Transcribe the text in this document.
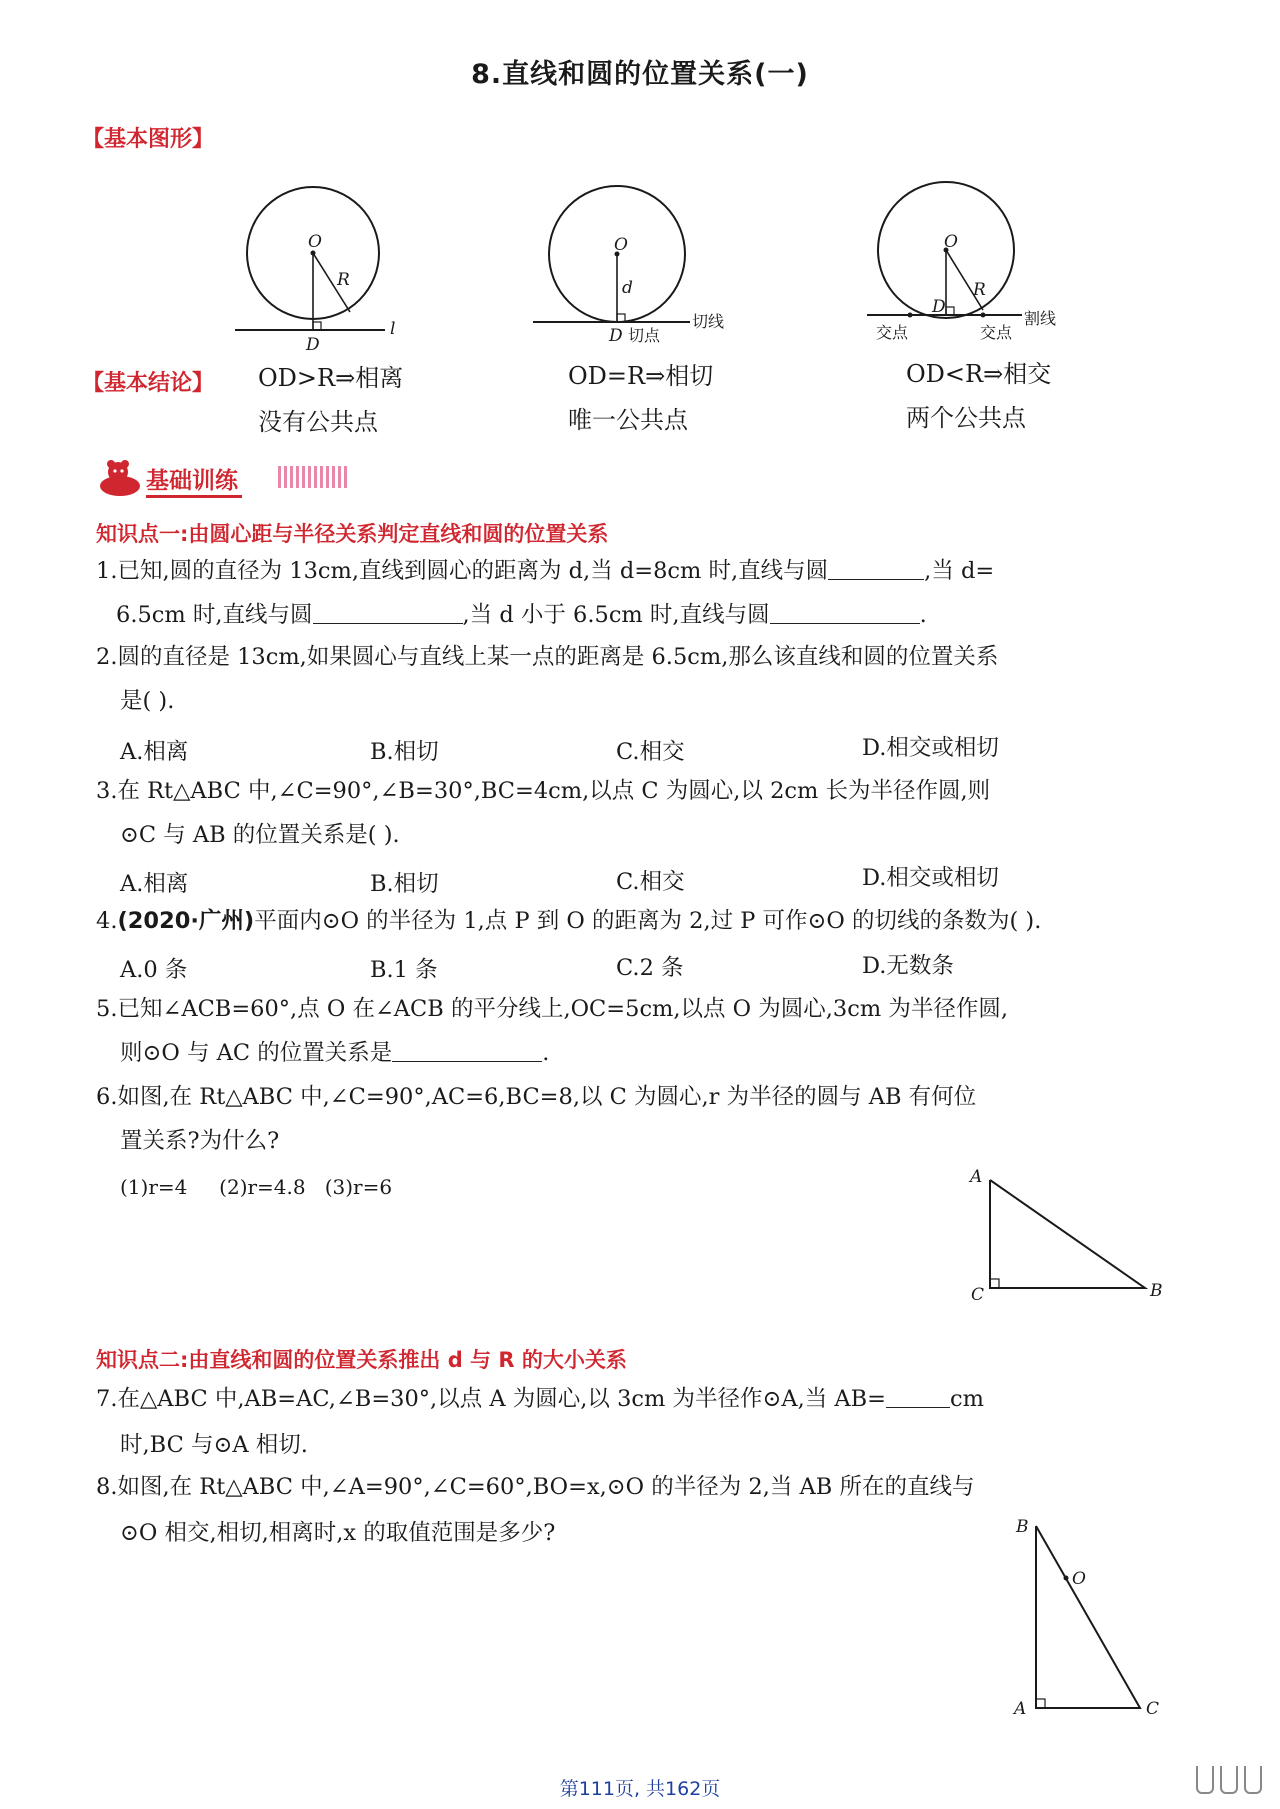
8.直线和圆的位置关系(一)
【基本图形】
O
R
D
l
O
d
D 切点
切线
O
R
D
交点	交点
割线
【基本结论】 OD>R⇒相离
没有公共点
OD=R⇒相切
唯一公共点
OD<R⇒相交
两个公共点
基础训练
知识点一:由圆心距与半径关系判定直线和圆的位置关系
1.已知,圆的直径为 13cm,直线到圆心的距离为 d,当 d=8cm 时,直线与圆	,当 d=
6.5cm 时,直线与圆	,当 d 小于 6.5cm 时,直线与圆	.
2.圆的直径是 13cm,如果圆心与直线上某一点的距离是 6.5cm,那么该直线和圆的位置关系
是( ).
A.相离	B.相切	C.相交	D.相交或相切
3.在 Rt△ABC 中,∠C=90°,∠B=30°,BC=4cm,以点 C 为圆心,以 2cm 长为半径作圆,则
⊙C 与 AB 的位置关系是( ).
A.相离	B.相切	C.相交	D.相交或相切
4.(2020·广州)平面内⊙O 的半径为 1,点 P 到 O 的距离为 2,过 P 可作⊙O 的切线的条数为( ).
A.0 条	B.1 条	C.2 条	D.无数条
5.已知∠ACB=60°,点 O 在∠ACB 的平分线上,OC=5cm,以点 O 为圆心,3cm 为半径作圆,
则⊙O 与 AC 的位置关系是	.
6.如图,在 Rt△ABC 中,∠C=90°,AC=6,BC=8,以 C 为圆心,r 为半径的圆与 AB 有何位
置关系?为什么?
(1)r=4     (2)r=4.8   (3)r=6	A
C	B
知识点二:由直线和圆的位置关系推出 d 与 R 的大小关系
7.在△ABC 中,AB=AC,∠B=30°,以点 A 为圆心,以 3cm 为半径作⊙A,当 AB=	cm
时,BC 与⊙A 相切.
8.如图,在 Rt△ABC 中,∠A=90°,∠C=60°,BO=x,⊙O 的半径为 2,当 AB 所在的直线与
⊙O 相交,相切,相离时,x 的取值范围是多少?	B
O
A	C
第111页, 共162页
